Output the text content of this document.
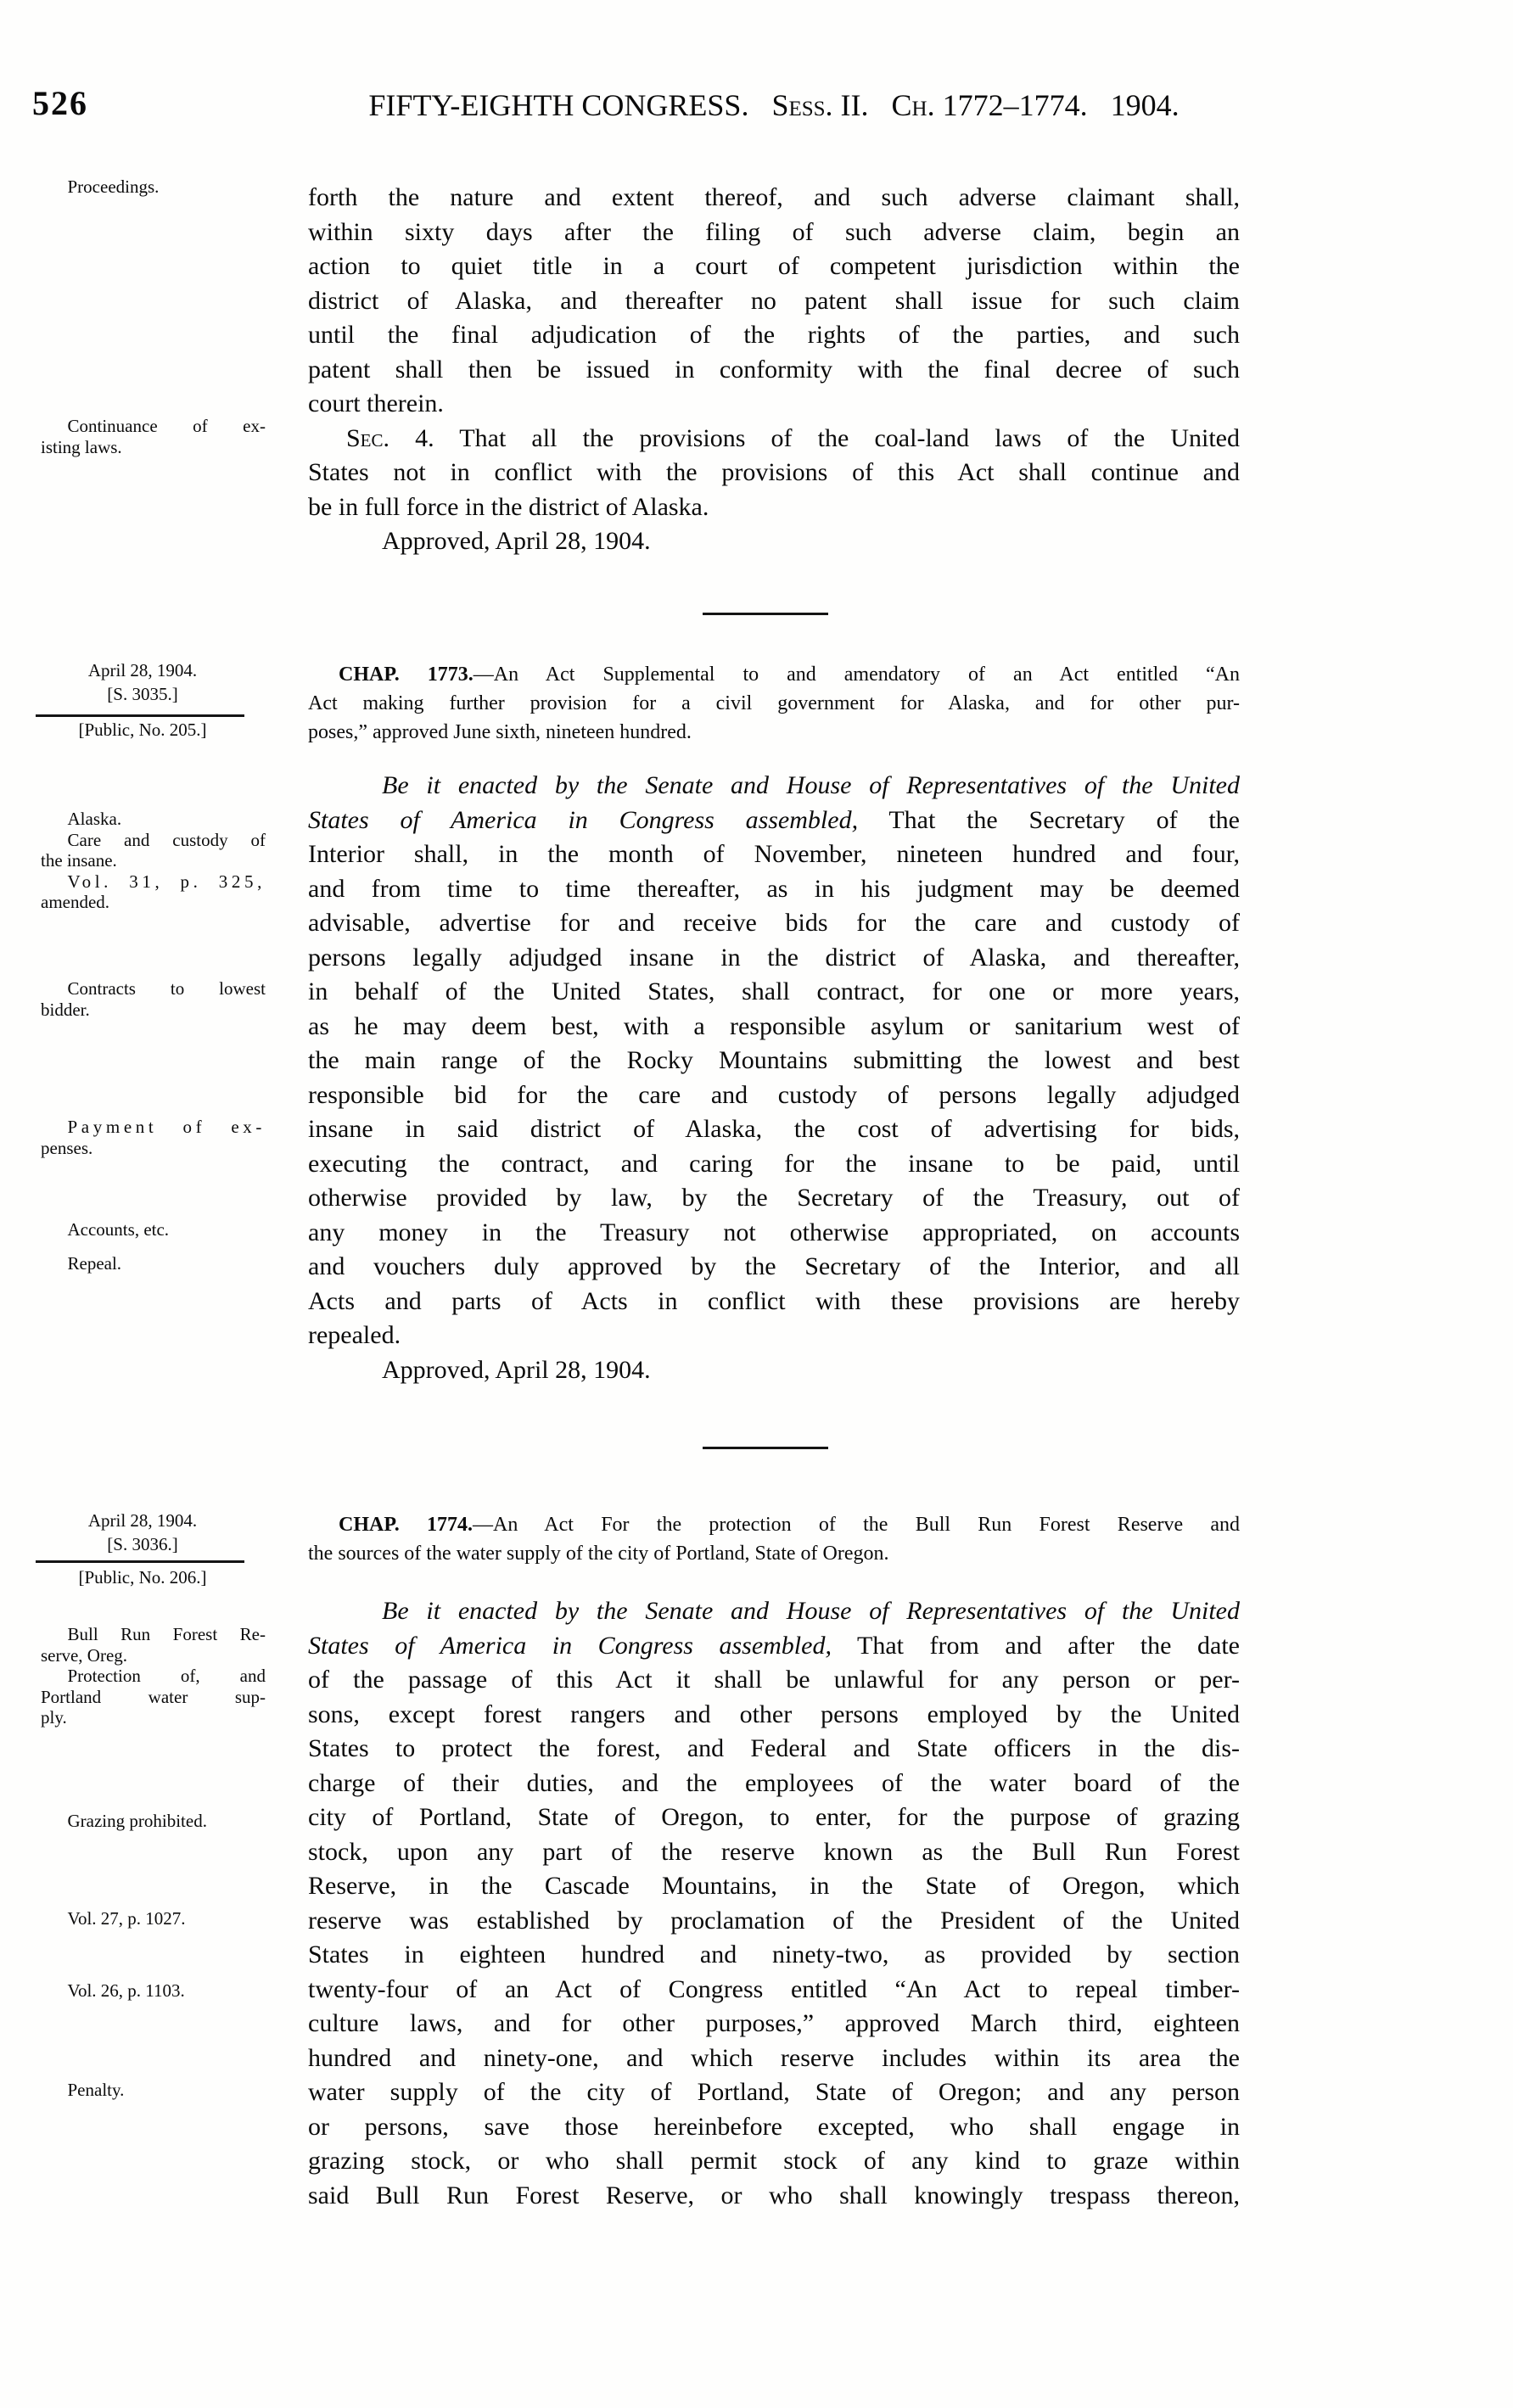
526	FIFTY-EIGHTH CONGRESS.  Sess. II.  Ch. 1772–1774.  1904.
Proceedings.
Continuance of ex-
isting laws.
forth the nature and extent thereof, and such adverse claimant shall,
within sixty days after the filing of such adverse claim, begin an
action to quiet title in a court of competent jurisdiction within the
district of Alaska, and thereafter no patent shall issue for such claim
until the final adjudication of the rights of the parties, and such
patent shall then be issued in conformity with the final decree of such
court therein.
Sec. 4. That all the provisions of the coal-land laws of the United
States not in conflict with the provisions of this Act shall continue and
be in full force in the district of Alaska.
Approved, April 28, 1904.
April 28, 1904.
[S. 3035.]
[Public, No. 205.]
CHAP. 1773.—An Act Supplemental to and amendatory of an Act entitled “An
Act making further provision for a civil government for Alaska, and for other pur-
poses,” approved June sixth, nineteen hundred.
Alaska.
Care and custody of
the insane.
Vol. 31, p. 325,
amended.
Contracts to lowest
bidder.
Payment of ex-
penses.
Accounts, etc.
Repeal.
Be it enacted by the Senate and House of Representatives of the United
States of America in Congress assembled, That the Secretary of the
Interior shall, in the month of November, nineteen hundred and four,
and from time to time thereafter, as in his judgment may be deemed
advisable, advertise for and receive bids for the care and custody of
persons legally adjudged insane in the district of Alaska, and thereafter,
in behalf of the United States, shall contract, for one or more years,
as he may deem best, with a responsible asylum or sanitarium west of
the main range of the Rocky Mountains submitting the lowest and best
responsible bid for the care and custody of persons legally adjudged
insane in said district of Alaska, the cost of advertising for bids,
executing the contract, and caring for the insane to be paid, until
otherwise provided by law, by the Secretary of the Treasury, out of
any money in the Treasury not otherwise appropriated, on accounts
and vouchers duly approved by the Secretary of the Interior, and all
Acts and parts of Acts in conflict with these provisions are hereby
repealed.
Approved, April 28, 1904.
April 28, 1904.
[S. 3036.]
[Public, No. 206.]
CHAP. 1774.—An Act For the protection of the Bull Run Forest Reserve and
the sources of the water supply of the city of Portland, State of Oregon.
Bull Run Forest Re-
serve, Oreg.
Protection of, and
Portland water sup-
ply.
Grazing prohibited.
Vol. 27, p. 1027.
Vol. 26, p. 1103.
Penalty.
Be it enacted by the Senate and House of Representatives of the United
States of America in Congress assembled, That from and after the date
of the passage of this Act it shall be unlawful for any person or per-
sons, except forest rangers and other persons employed by the United
States to protect the forest, and Federal and State officers in the dis-
charge of their duties, and the employees of the water board of the
city of Portland, State of Oregon, to enter, for the purpose of grazing
stock, upon any part of the reserve known as the Bull Run Forest
Reserve, in the Cascade Mountains, in the State of Oregon, which
reserve was established by proclamation of the President of the United
States in eighteen hundred and ninety-two, as provided by section
twenty-four of an Act of Congress entitled “An Act to repeal timber-
culture laws, and for other purposes,” approved March third, eighteen
hundred and ninety-one, and which reserve includes within its area the
water supply of the city of Portland, State of Oregon; and any person
or persons, save those hereinbefore excepted, who shall engage in
grazing stock, or who shall permit stock of any kind to graze within
said Bull Run Forest Reserve, or who shall knowingly trespass thereon,
